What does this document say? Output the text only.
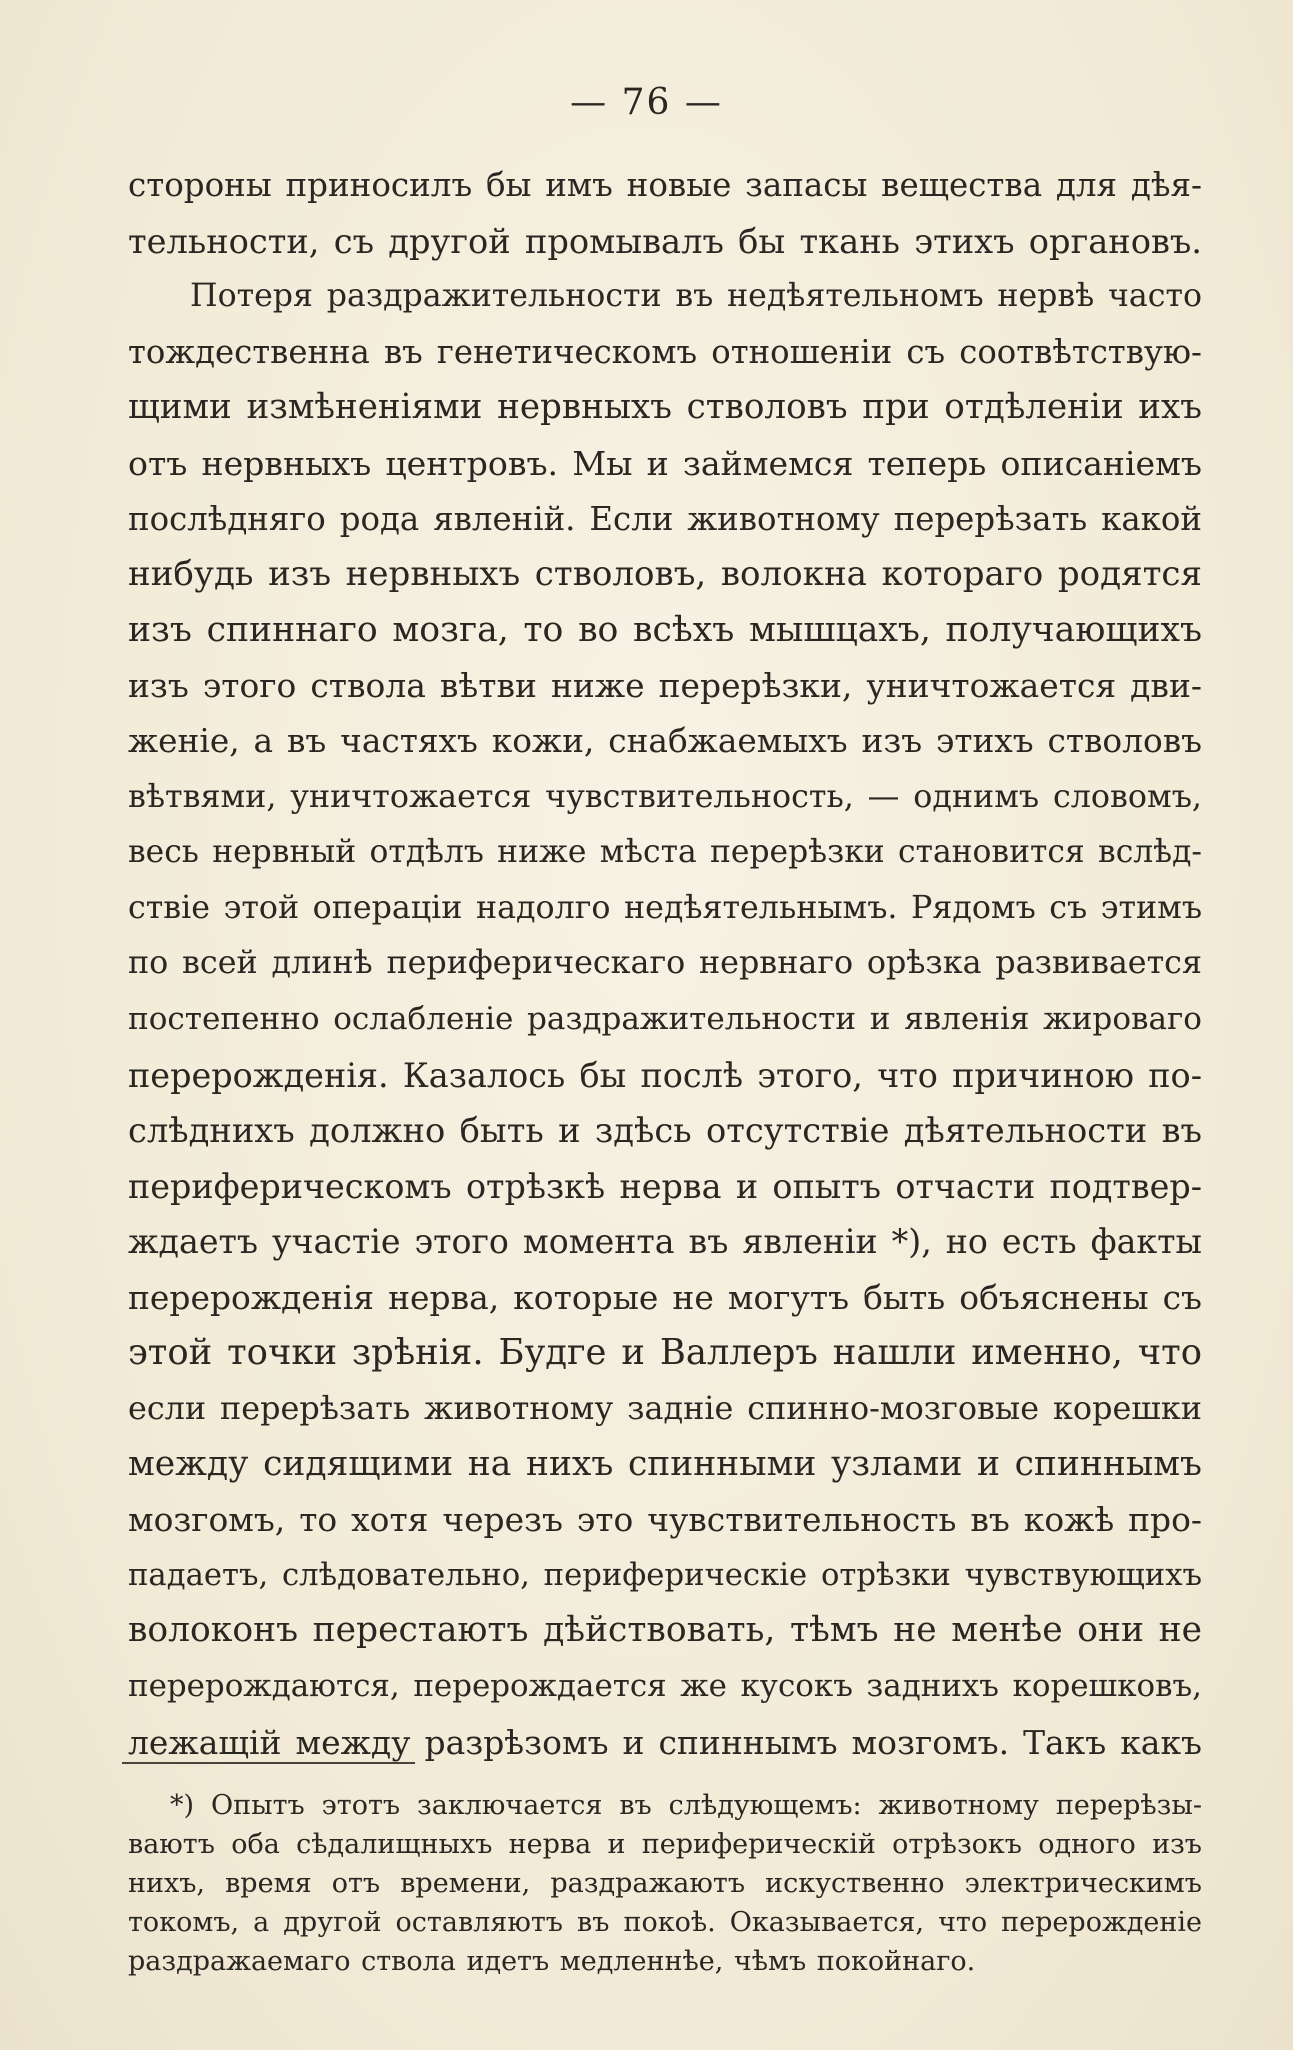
— 76 —
стороны приносилъ бы имъ новые запасы вещества для дѣя-
тельности, съ другой промывалъ бы ткань этихъ органовъ.
Потеря раздражительности въ недѣятельномъ нервѣ часто
тождественна въ генетическомъ отношеніи съ соотвѣтствую-
щими измѣненіями нервныхъ стволовъ при отдѣленіи ихъ
отъ нервныхъ центровъ. Мы и займемся теперь описаніемъ
послѣдняго рода явленій. Если животному перерѣзать какой
нибудь изъ нервныхъ стволовъ, волокна котораго родятся
изъ спиннаго мозга, то во всѣхъ мышцахъ, получающихъ
изъ этого ствола вѣтви ниже перерѣзки, уничтожается дви-
женіе, а въ частяхъ кожи, снабжаемыхъ изъ этихъ стволовъ
вѣтвями, уничтожается чувствительность, — однимъ словомъ,
весь нервный отдѣлъ ниже мѣста перерѣзки становится вслѣд-
ствіе этой операціи надолго недѣятельнымъ. Рядомъ съ этимъ
по всей длинѣ периферическаго нервнаго орѣзка развивается
постепенно ослабленіе раздражительности и явленія жироваго
перерожденія. Казалось бы послѣ этого, что причиною по-
слѣднихъ должно быть и здѣсь отсутствіе дѣятельности въ
периферическомъ отрѣзкѣ нерва и опытъ отчасти подтвер-
ждаетъ участіе этого момента въ явленіи *), но есть факты
перерожденія нерва, которые не могутъ быть объяснены съ
этой точки зрѣнія. Будге и Валлеръ нашли именно, что
если перерѣзать животному задніе спинно-мозговые корешки
между сидящими на нихъ спинными узлами и спиннымъ
мозгомъ, то хотя черезъ это чувствительность въ кожѣ про-
падаетъ, слѣдовательно, периферическіе отрѣзки чувствующихъ
волоконъ перестаютъ дѣйствовать, тѣмъ не менѣе они не
перерождаются, перерождается же кусокъ заднихъ корешковъ,
лежащій между разрѣзомъ и спиннымъ мозгомъ. Такъ какъ
*) Опытъ этотъ заключается въ слѣдующемъ: животному перерѣзы-
ваютъ оба сѣдалищныхъ нерва и периферическій отрѣзокъ одного изъ
нихъ, время отъ времени, раздражаютъ искуственно электрическимъ
токомъ, а другой оставляютъ въ покоѣ. Оказывается, что перерожденіе
раздражаемаго ствола идетъ медленнѣе, чѣмъ покойнаго.
